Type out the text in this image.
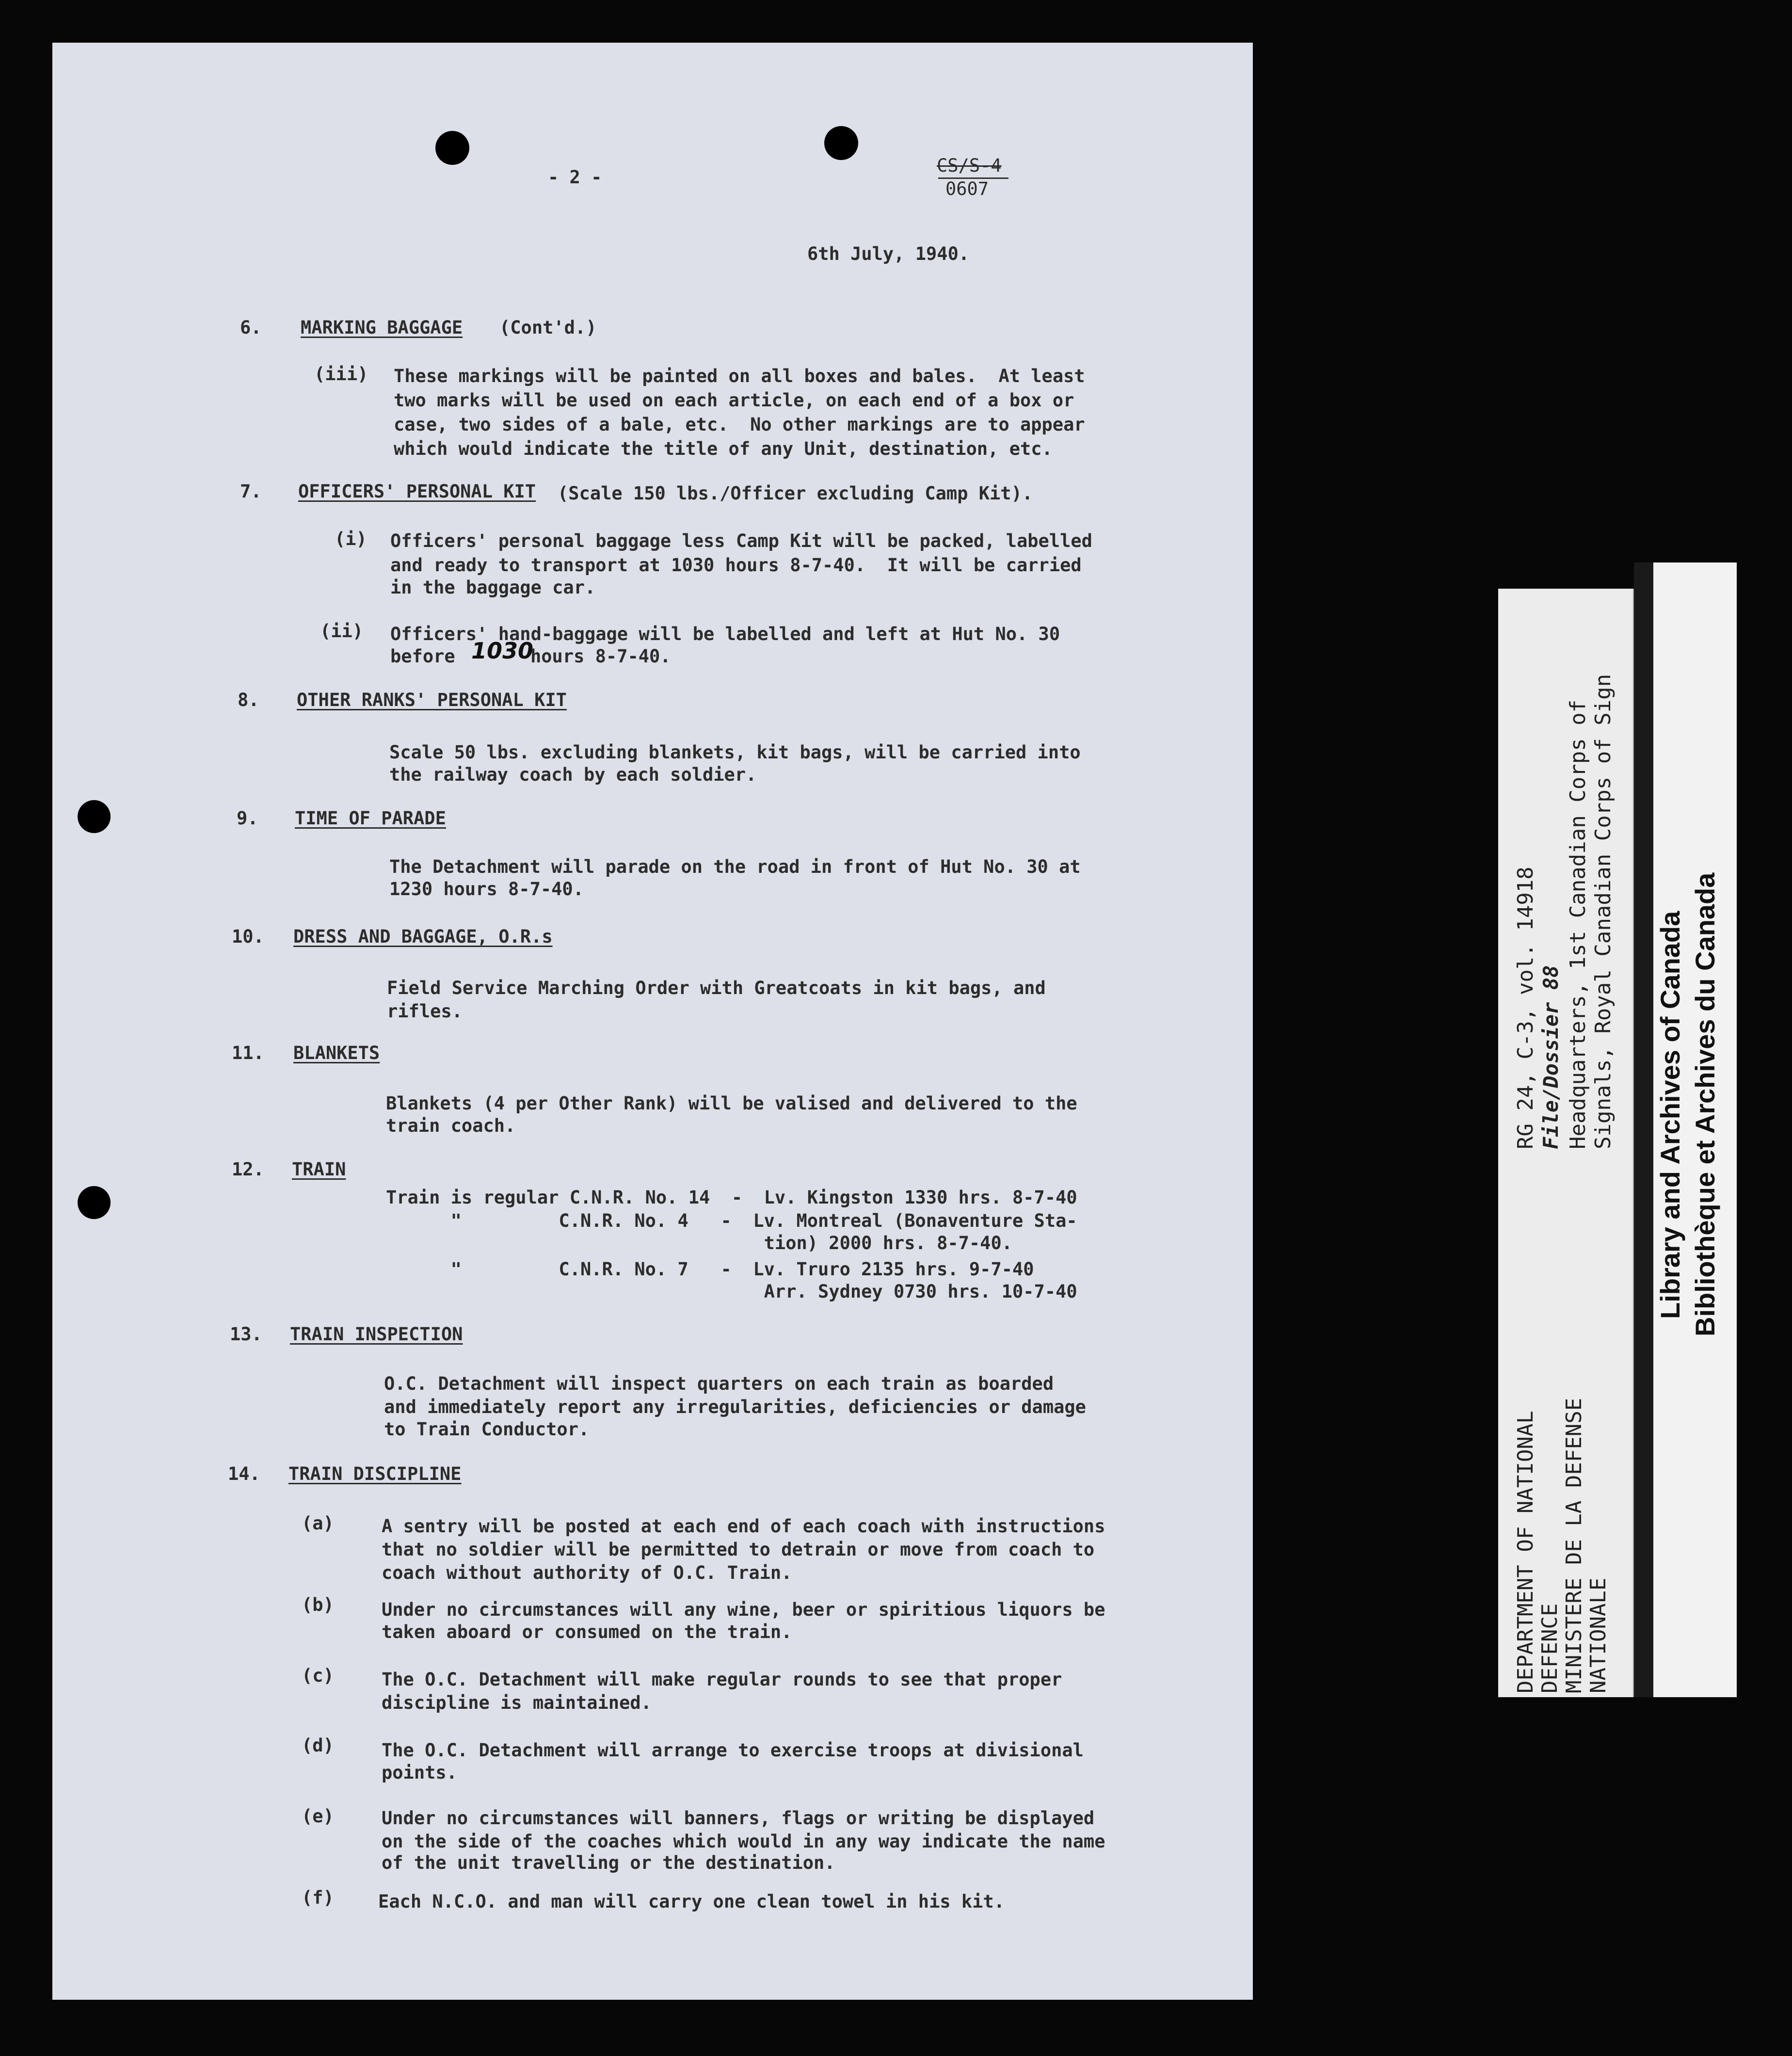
- 2 -
CS/S-4
0607
6th July, 1940.
6. MARKING BAGGAGE (Cont'd.)
(iii) These markings will be painted on all boxes and bales.  At least
two marks will be used on each article, on each end of a box or
case, two sides of a bale, etc.  No other markings are to appear
which would indicate the title of any Unit, destination, etc.
7. OFFICERS' PERSONAL KIT (Scale 150 lbs./Officer excluding Camp Kit).
(i) Officers' personal baggage less Camp Kit will be packed, labelled
and ready to transport at 1030 hours 8-7-40.  It will be carried
in the baggage car.
(ii) Officers' hand-baggage will be labelled and left at Hut No. 30
before 1030
hours 8-7-40.
8. OTHER RANKS' PERSONAL KIT
Scale 50 lbs. excluding blankets, kit bags, will be carried into
the railway coach by each soldier.
9. TIME OF PARADE
The Detachment will parade on the road in front of Hut No. 30 at
1230 hours 8-7-40.
10. DRESS AND BAGGAGE, O.R.s
Field Service Marching Order with Greatcoats in kit bags, and
rifles.
11. BLANKETS
Blankets (4 per Other Rank) will be valised and delivered to the
train coach.
12. TRAIN
Train is regular C.N.R. No. 14  -  Lv. Kingston 1330 hrs. 8-7-40
"         C.N.R. No. 4   -  Lv. Montreal (Bonaventure Sta-
tion) 2000 hrs. 8-7-40.
"         C.N.R. No. 7   -  Lv. Truro 2135 hrs. 9-7-40
Arr. Sydney 0730 hrs. 10-7-40
13. TRAIN INSPECTION
O.C. Detachment will inspect quarters on each train as boarded
and immediately report any irregularities, deficiencies or damage
to Train Conductor.
14. TRAIN DISCIPLINE
(a)	A sentry will be posted at each end of each coach with instructions
that no soldier will be permitted to detrain or move from coach to
coach without authority of O.C. Train.
(b)	Under no circumstances will any wine, beer or spiritious liquors be
taken aboard or consumed on the train.
(c)	The O.C. Detachment will make regular rounds to see that proper
discipline is maintained.
(d)	The O.C. Detachment will arrange to exercise troops at divisional
points.
(e)	Under no circumstances will banners, flags or writing be displayed
on the side of the coaches which would in any way indicate the name
of the unit travelling or the destination.
(f) Each N.C.O. and man will carry one clean towel in his kit.
DEPARTMENT OF NATIONAL DEFENCE MINISTERE DE LA DEFENSE NATIONALE
RG 24, C-3, vol. 14918 File/Dossier 88 Headquarters, 1st Canadian Corps of Signals, Royal Canadian Corps of Sign Library and Archives of Canada Bibliothèque et Archives du Canada
